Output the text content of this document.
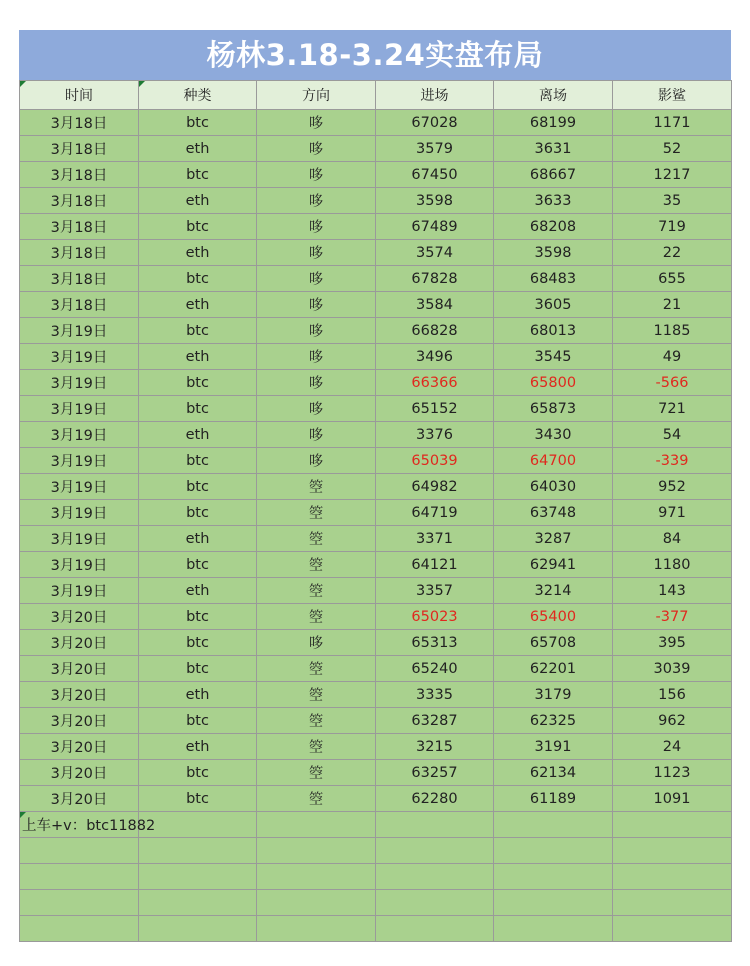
杨林3.18-3.24实盘布局
时间	种类	方向	进场	离场	影鲨
3月18日	btc	哆	67028	68199	1171
3月18日	eth	哆	3579	3631	52
3月18日	btc	哆	67450	68667	1217
3月18日	eth	哆	3598	3633	35
3月18日	btc	哆	67489	68208	719
3月18日	eth	哆	3574	3598	22
3月18日	btc	哆	67828	68483	655
3月18日	eth	哆	3584	3605	21
3月19日	btc	哆	66828	68013	1185
3月19日	eth	哆	3496	3545	49
3月19日	btc	哆	66366	65800	-566
3月19日	btc	哆	65152	65873	721
3月19日	eth	哆	3376	3430	54
3月19日	btc	哆	65039	64700	-339
3月19日	btc	箜	64982	64030	952
3月19日	btc	箜	64719	63748	971
3月19日	eth	箜	3371	3287	84
3月19日	btc	箜	64121	62941	1180
3月19日	eth	箜	3357	3214	143
3月20日	btc	箜	65023	65400	-377
3月20日	btc	哆	65313	65708	395
3月20日	btc	箜	65240	62201	3039
3月20日	eth	箜	3335	3179	156
3月20日	btc	箜	63287	62325	962
3月20日	eth	箜	3215	3191	24
3月20日	btc	箜	63257	62134	1123
3月20日	btc	箜	62280	61189	1091

上车+v：btc11882					
